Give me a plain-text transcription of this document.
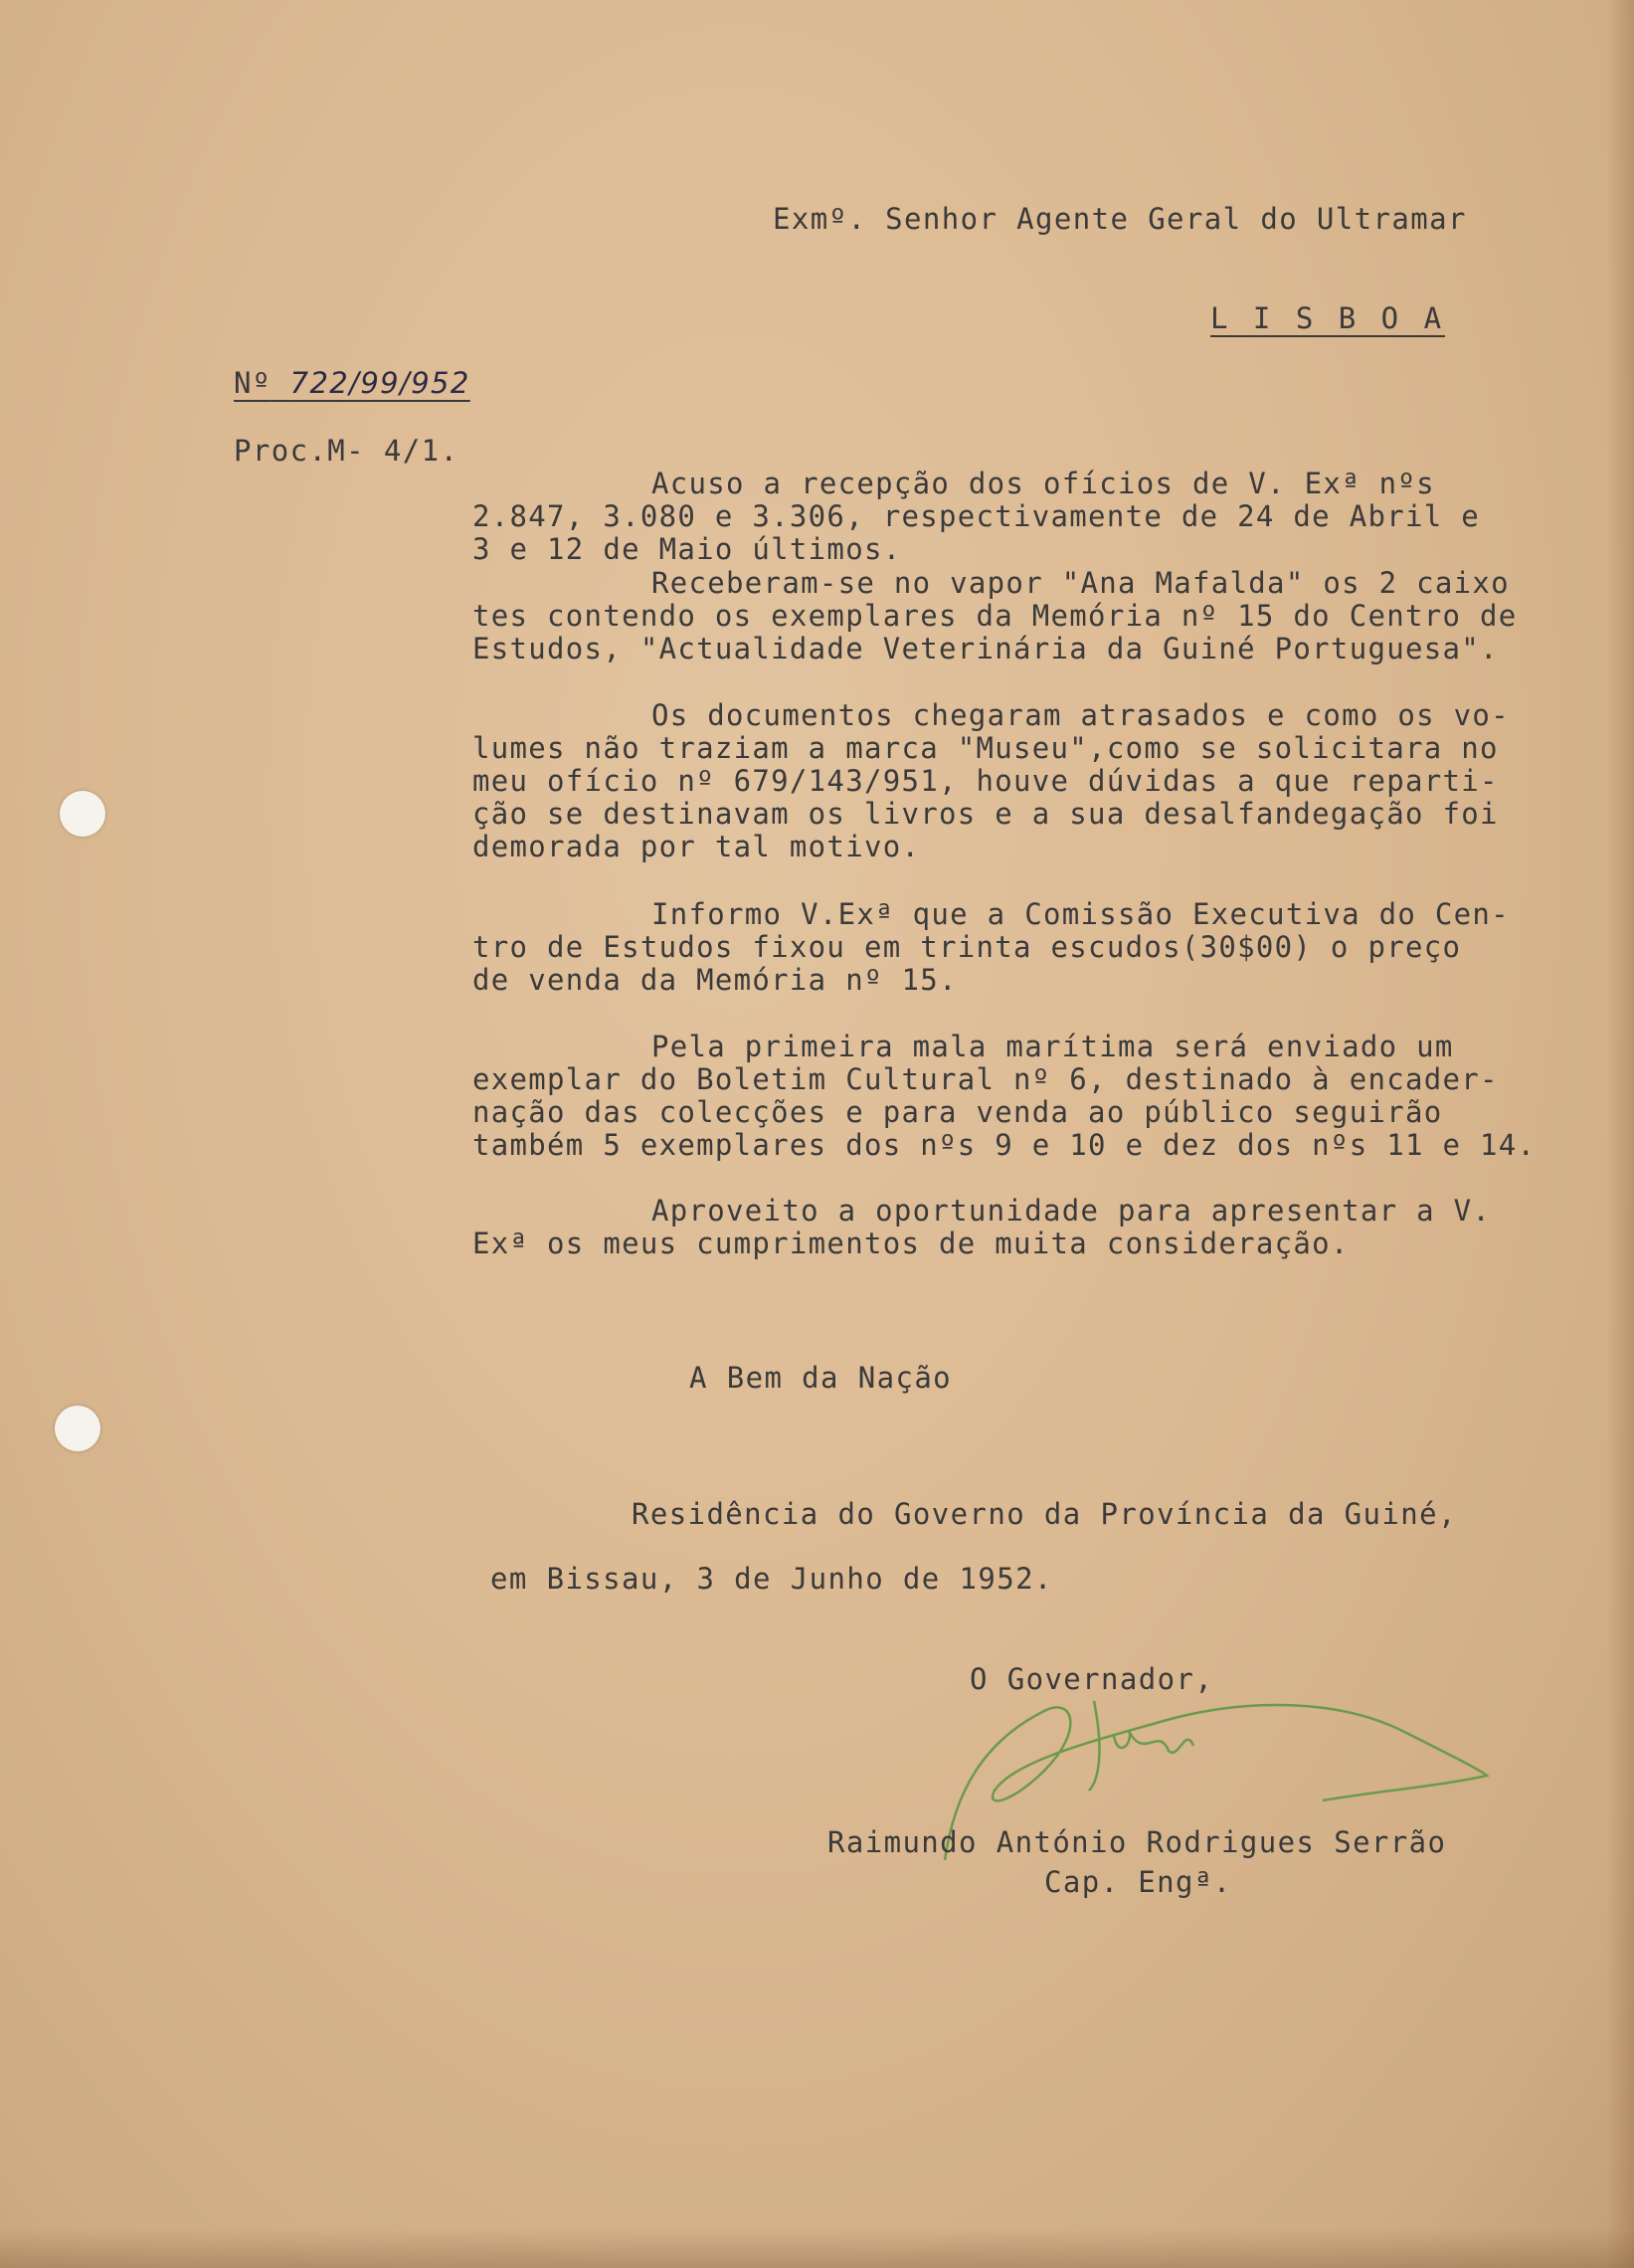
Exmº. Senhor Agente Geral do Ultramar
L I S B O A
Nº 722/99/952
Proc.M- 4/1.
Acuso a recepção dos ofícios de V. Exª nºs
2.847, 3.080 e 3.306, respectivamente de 24 de Abril e
3 e 12 de Maio últimos.
Receberam-se no vapor "Ana Mafalda" os 2 caixo
tes contendo os exemplares da Memória nº 15 do Centro de
Estudos, "Actualidade Veterinária da Guiné Portuguesa".
Os documentos chegaram atrasados e como os vo-
lumes não traziam a marca "Museu",como se solicitara no
meu ofício nº 679/143/951, houve dúvidas a que reparti-
ção se destinavam os livros e a sua desalfandegação foi
demorada por tal motivo.
Informo V.Exª que a Comissão Executiva do Cen-
tro de Estudos fixou em trinta escudos(30$00) o preço
de venda da Memória nº 15.
Pela primeira mala marítima será enviado um
exemplar do Boletim Cultural nº 6, destinado à encader-
nação das colecções e para venda ao público seguirão
também 5 exemplares dos nºs 9 e 10 e dez dos nºs 11 e 14.
Aproveito a oportunidade para apresentar a V.
Exª os meus cumprimentos de muita consideração.
A Bem da Nação
Residência do Governo da Província da Guiné,
em Bissau, 3 de Junho de 1952.
O Governador,
Raimundo António Rodrigues Serrão
Cap. Engª.
